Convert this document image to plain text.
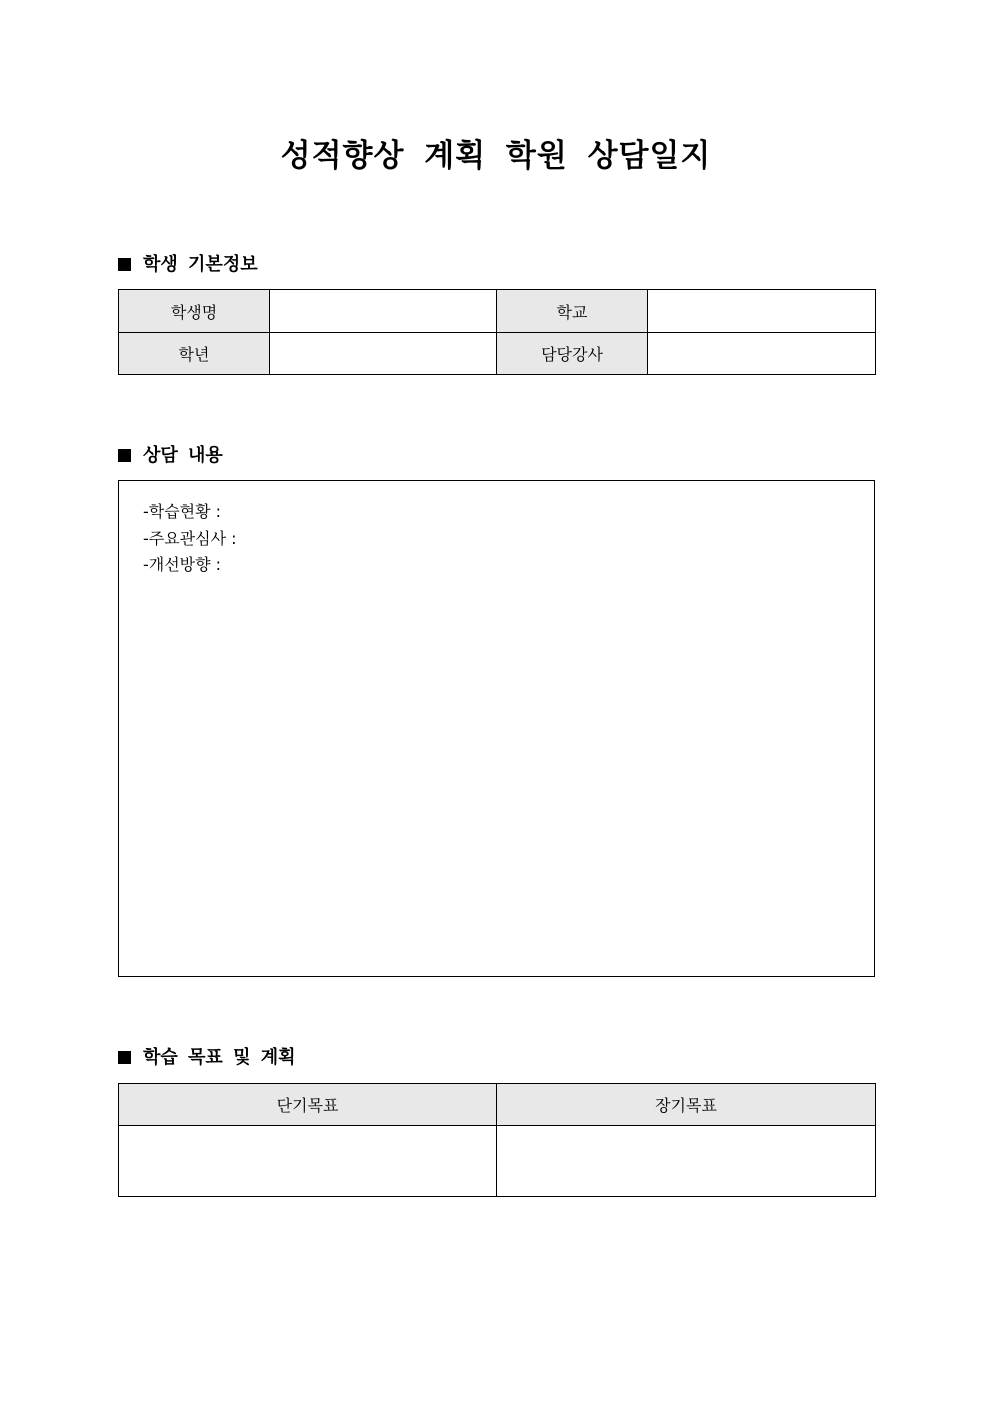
성적향상 계획 학원 상담일지
학생 기본정보
학생명		학교	
학년		담당강사	
상담 내용
-학습현황 :
-주요관심사 :
-개선방향 :
학습 목표 및 계획
단기목표	장기목표
